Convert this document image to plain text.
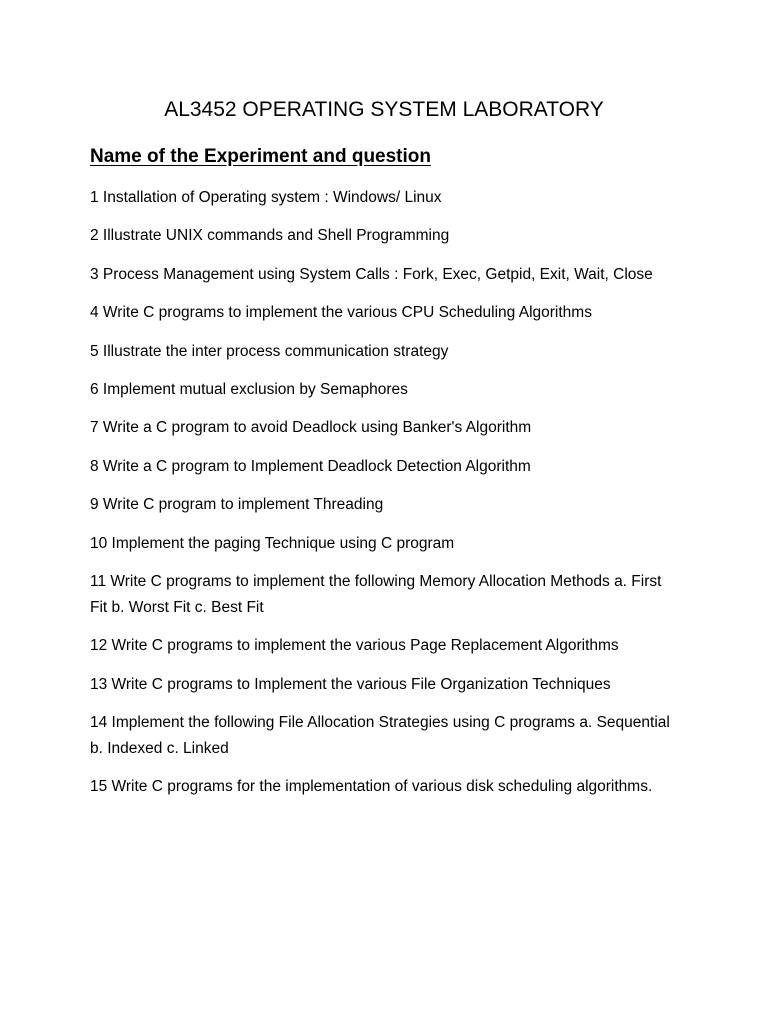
AL3452 OPERATING SYSTEM LABORATORY
Name of the Experiment and question
1 Installation of Operating system : Windows/ Linux
2 Illustrate UNIX commands and Shell Programming
3 Process Management using System Calls : Fork, Exec, Getpid, Exit, Wait, Close
4 Write C programs to implement the various CPU Scheduling Algorithms
5 Illustrate the inter process communication strategy
6 Implement mutual exclusion by Semaphores
7 Write a C program to avoid Deadlock using Banker's Algorithm
8 Write a C program to Implement Deadlock Detection Algorithm
9 Write C program to implement Threading
10 Implement the paging Technique using C program
11 Write C programs to implement the following Memory Allocation Methods a. First Fit b. Worst Fit c. Best Fit
12 Write C programs to implement the various Page Replacement Algorithms
13 Write C programs to Implement the various File Organization Techniques
14 Implement the following File Allocation Strategies using C programs a. Sequential b. Indexed c. Linked
15 Write C programs for the implementation of various disk scheduling algorithms.
